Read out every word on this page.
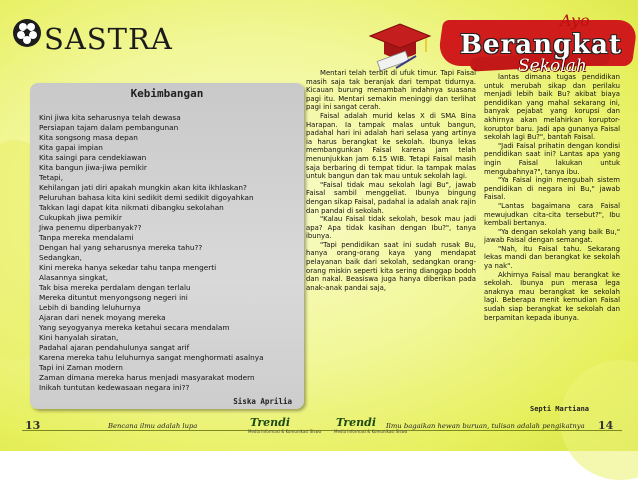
SASTRA
Ayo
Berangkat
Sekolah
Kebimbangan
Kini jiwa kita seharusnya telah dewasa
Persiapan tajam dalam pembangunan
Kita songsong masa depan
Kita gapai impian
Kita saingi para cendekiawan
Kita bangun jiwa-jiwa pemikir
Tetapi,
Kehilangan jati diri apakah mungkin akan kita ikhlaskan?
Peluruhan bahasa kita kini sedikit demi sedikit digoyahkan
Takkan lagi dapat kita nikmati dibangku sekolahan
Cukupkah jiwa pemikir
Jiwa penemu diperbanyak??
Tanpa mereka mendalami
Dengan hal yang seharusnya mereka tahu??
Sedangkan,
Kini mereka hanya sekedar tahu tanpa mengerti
Alasannya singkat,
Tak bisa mereka perdalam dengan terlalu
Mereka dituntut menyongsong negeri ini
Lebih di banding leluhurnya
Ajaran dari nenek moyang mereka
Yang seyogyanya mereka ketahui secara mendalam
Kini hanyalah siratan,
Padahal ajaran pendahulunya sangat arif
Karena mereka tahu leluhurnya sangat menghormati asalnya
Tapi ini Zaman modern
Zaman dimana mereka harus menjadi masyarakat modern
Inikah tuntutan kedewasaan negara ini??
Siska Aprilia

Mentari telah terbit di ufuk timur. Tapi Faisal masih saja tak beranjak dari tempat tidurnya. Kicauan burung menambah indahnya suasana pagi itu. Mentari semakin meninggi dan terlihat pagi ini sangat cerah.

Faisal adalah murid kelas X di SMA Bina Harapan. Ia tampak malas untuk bangun, padahal hari ini adalah hari selasa yang artinya ia harus berangkat ke sekolah. Ibunya lekas membangunkan Faisal karena jam telah menunjukkan jam 6.15 WIB. Tetapi Faisal masih saja berbaring di tempat tidur. Ia tampak malas untuk bangun dan tak mau untuk sekolah lagi.

"Faisal tidak mau sekolah lagi Bu", jawab Faisal sambil menggeliat. Ibunya bingung dengan sikap Faisal, padahal ia adalah anak rajin dan pandai di sekolah.

"Kalau Faisal tidak sekolah, besok mau jadi apa? Apa tidak kasihan dengan Ibu?", tanya ibunya.

"Tapi pendidikan saat ini sudah rusak Bu, hanya orang-orang kaya yang mendapat pelayanan baik dari sekolah, sedangkan orang-orang miskin seperti kita sering dianggap bodoh dan nakal. Beasiswa juga hanya diberikan pada anak-anak pandai saja,

lantas dimana tugas pendidikan untuk merubah sikap dan perilaku menjadi lebih baik Bu? akibat biaya pendidikan yang mahal sekarang ini, banyak pejabat yang korupsi dan akhirnya akan melahirkan koruptor-koruptor baru. Jadi apa gunanya Faisal sekolah lagi Bu?", bantah Faisal.

"Jadi Faisal prihatin dengan kondisi pendidikan saat ini? Lantas apa yang ingin Faisal lakukan untuk mengubahnya?", tanya ibu.

"Ya Faisal ingin mengubah sistem pendidikan di negara ini Bu," jawab Faisal.

"Lantas bagaimana cara Faisal mewujudkan cita-cita tersebut?", Ibu kembali bertanya.

"Ya dengan sekolah yang baik Bu," jawab Faisal dengan semangat.

"Nah, itu Faisal tahu. Sekarang lekas mandi dan berangkat ke sekolah ya nak".

Akhirnya Faisal mau berangkat ke sekolah. Ibunya pun merasa lega anaknya mau berangkat ke sekolah lagi. Beberapa menit kemudian Faisal sudah siap berangkat ke sekolah dan berpamitan kepada ibunya.

Septi Martiana
13	Bencana ilmu adalah lupa	Trendi
Media Informasi & Komunikasi Siswa
Trendi
Media Informasi & Komunikasi Siswa
Ilmu bagaikan hewan buruan, tulisan adalah pengikatnya 14
